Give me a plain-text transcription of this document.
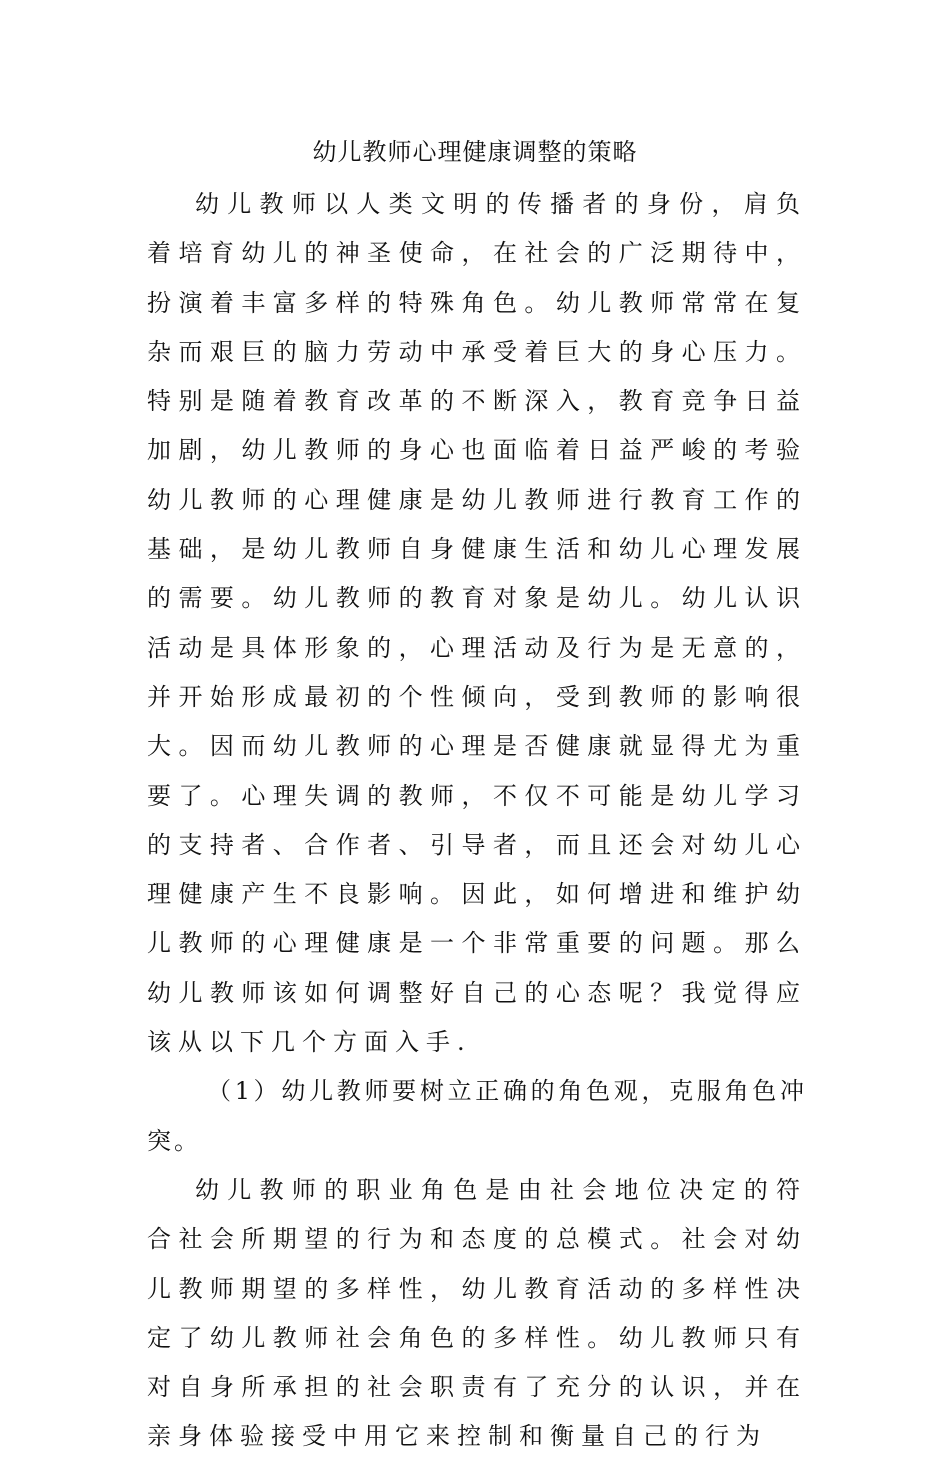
幼儿教师心理健康调整的策略

幼儿教师以人类文明的传播者的身份，肩负着培育幼儿的神圣使命，在社会的广泛期待中，扮演着丰富多样的特殊角色。幼儿教师常常在复杂而艰巨的脑力劳动中承受着巨大的身心压力。特别是随着教育改革的不断深入，教育竞争日益加剧，幼儿教师的身心也面临着日益严峻的考验幼儿教师的心理健康是幼儿教师进行教育工作的基础，是幼儿教师自身健康生活和幼儿心理发展的需要。幼儿教师的教育对象是幼儿。幼儿认识活动是具体形象的，心理活动及行为是无意的，并开始形成最初的个性倾向，受到教师的影响很大。因而幼儿教师的心理是否健康就显得尤为重要了。心理失调的教师，不仅不可能是幼儿学习的支持者、合作者、引导者，而且还会对幼儿心理健康产生不良影响。因此，如何增进和维护幼儿教师的心理健康是一个非常重要的问题。那么幼儿教师该如何调整好自己的心态呢？我觉得应该从以下几个方面入手.

（1）幼儿教师要树立正确的角色观，克服角色冲突。

幼儿教师的职业角色是由社会地位决定的符合社会所期望的行为和态度的总模式。社会对幼儿教师期望的多样性，幼儿教育活动的多样性决定了幼儿教师社会角色的多样性。幼儿教师只有对自身所承担的社会职责有了充分的认识，并在亲身体验接受中用它来控制和衡量自己的行为
